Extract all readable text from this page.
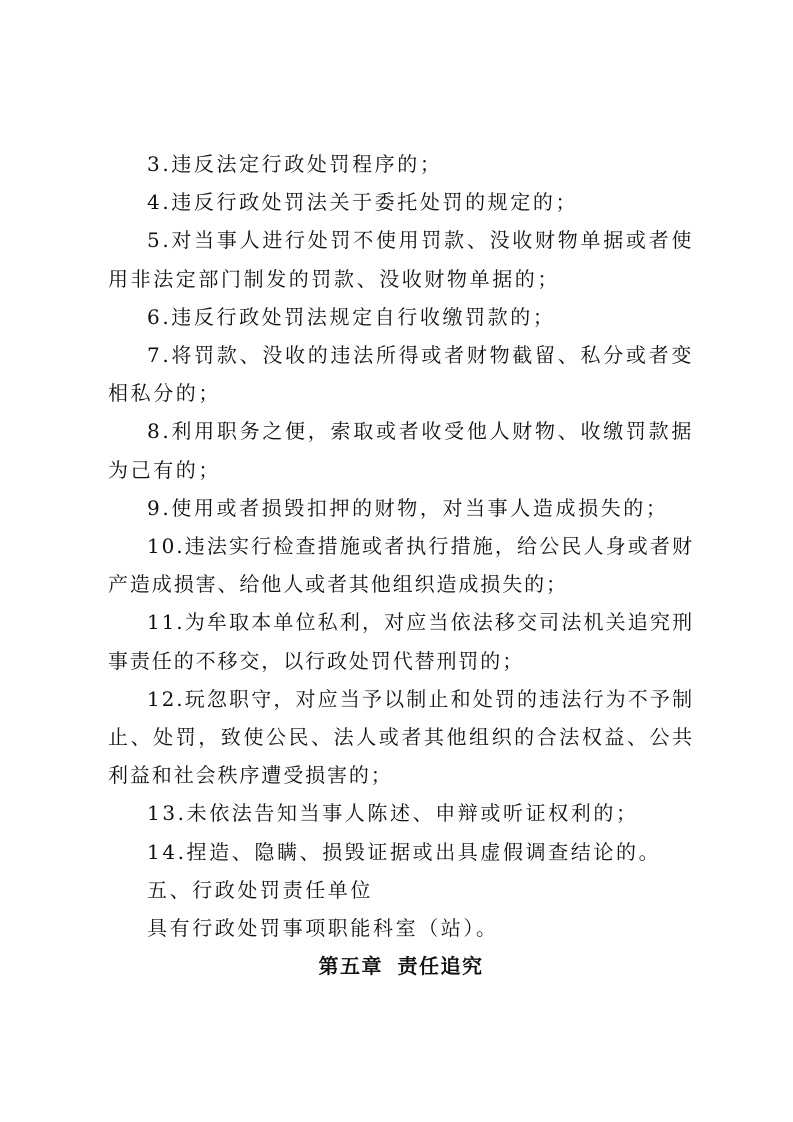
3.违反法定行政处罚程序的；

4.违反行政处罚法关于委托处罚的规定的；

5.对当事人进行处罚不使用罚款、没收财物单据或者使用非法定部门制发的罚款、没收财物单据的；

6.违反行政处罚法规定自行收缴罚款的；

7.将罚款、没收的违法所得或者财物截留、私分或者变相私分的；

8.利用职务之便，索取或者收受他人财物、收缴罚款据为己有的；

9.使用或者损毁扣押的财物，对当事人造成损失的；

10.违法实行检查措施或者执行措施，给公民人身或者财产造成损害、给他人或者其他组织造成损失的；

11.为牟取本单位私利，对应当依法移交司法机关追究刑事责任的不移交，以行政处罚代替刑罚的；

12.玩忽职守，对应当予以制止和处罚的违法行为不予制止、处罚，致使公民、法人或者其他组织的合法权益、公共利益和社会秩序遭受损害的；

13.未依法告知当事人陈述、申辩或听证权利的；

14.捏造、隐瞒、损毁证据或出具虚假调查结论的。

五、行政处罚责任单位

具有行政处罚事项职能科室（站）。

第五章 责任追究
